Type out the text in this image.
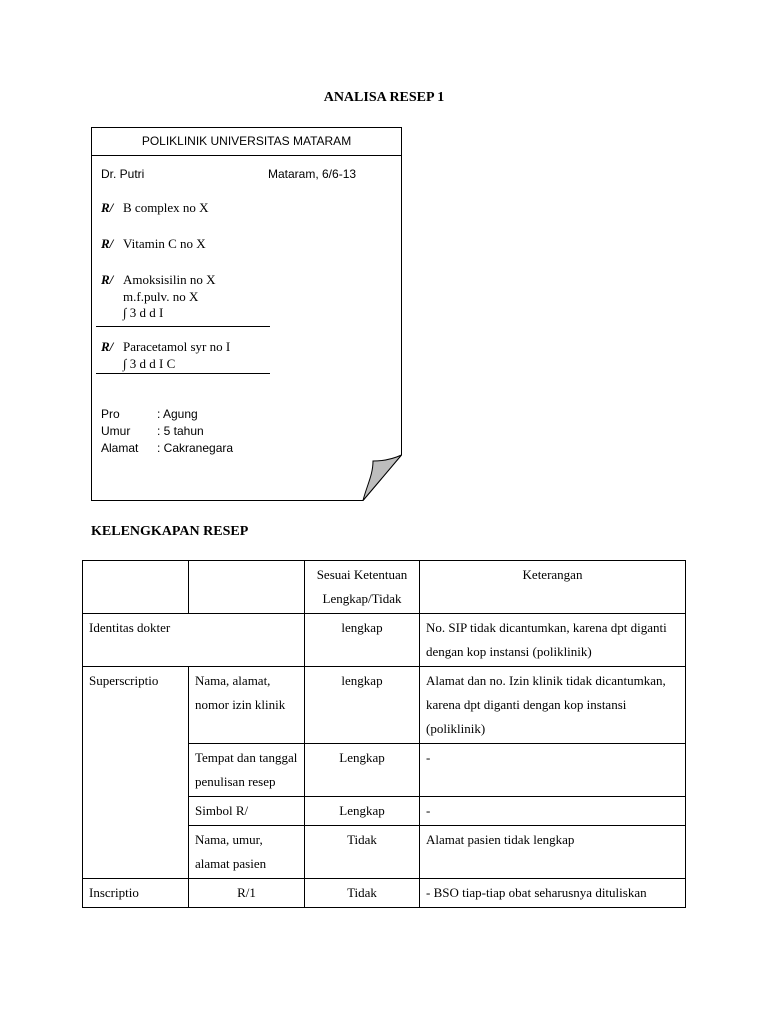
ANALISA RESEP 1
POLIKLINIK UNIVERSITAS MATARAM
Dr. Putri	Mataram, 6/6-13
R/ B complex no X
R/ Vitamin C no X
R/ Amoksisilin no X
m.f.pulv. no X
∫ 3 d d I
R/ Paracetamol syr no I
∫ 3 d d I C
Pro	: Agung
Umur : 5 tahun
Alamat : Cakranegara
KELENGKAPAN RESEP
		Sesuai Ketentuan Lengkap/Tidak	Keterangan
Identitas dokter		lengkap	No. SIP tidak dicantumkan, karena dpt diganti dengan kop instansi (poliklinik)
Superscriptio	Nama, alamat, nomor izin klinik	lengkap	Alamat dan no. Izin klinik tidak dicantumkan, karena dpt diganti dengan kop instansi (poliklinik)
	Tempat dan tanggal penulisan resep	Lengkap	-
	Simbol R/	Lengkap	-
	Nama, umur, alamat pasien	Tidak	Alamat pasien tidak lengkap
Inscriptio	R/1	Tidak	- BSO tiap-tiap obat seharusnya dituliskan
